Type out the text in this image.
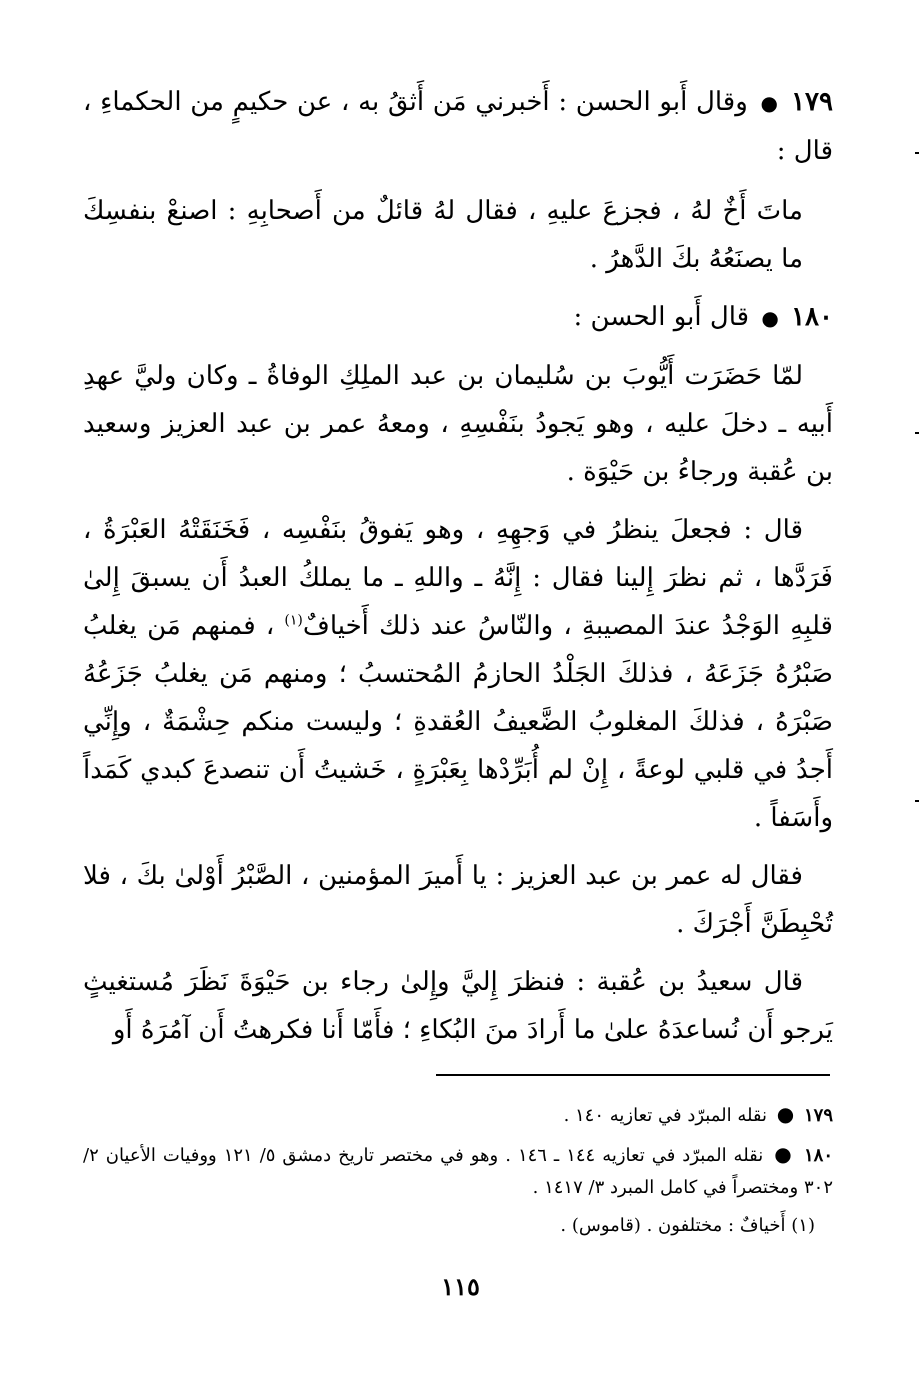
١٧٩ ● وقال أَبو الحسن : أَخبرني مَن أَثقُ به ، عن حكيمٍ من الحكماءِ ، قال :

ماتَ أَخٌ لهُ ، فجزعَ عليهِ ، فقال لهُ قائلٌ من أَصحابِهِ : اصنعْ بنفسِكَ ما يصنَعُهُ بكَ الدَّهرُ .

١٨٠ ● قال أَبو الحسن :

لمّا حَضَرَت أَيُّوبَ بن سُليمان بن عبد الملِكِ الوفاةُ ـ وكان وليَّ عهدِ أَبيه ـ دخلَ عليه ، وهو يَجودُ بنَفْسِهِ ، ومعهُ عمر بن عبد العزيز وسعيد بن عُقبة ورجاءُ بن حَيْوَة .

قال : فجعلَ ينظرُ في وَجهِهِ ، وهو يَفوقُ بنَفْسِه ، فَخَنَقَتْهُ العَبْرَةُ ، فَرَدَّها ، ثم نظرَ إِلينا فقال : إِنَّهُ ـ واللهِ ـ ما يملكُ العبدُ أَن يسبقَ إِلىٰ قلبِهِ الوَجْدُ عندَ المصيبةِ ، والنّاسُ عند ذلك أَخيافٌ$^{(١)}$ ، فمنهم مَن يغلبُ صَبْرُهُ جَزَعَهُ ، فذلكَ الجَلْدُ الحازمُ المُحتسبُ ؛ ومنهم مَن يغلبُ جَزَعُهُ صَبْرَهُ ، فذلكَ المغلوبُ الضَّعيفُ العُقدةِ ؛ وليست منكم حِشْمَةٌ ، وإِنِّي أَجدُ في قلبي لوعةً ، إِنْ لم أُبَرِّدْها بِعَبْرَةٍ ، خَشيتُ أَن تنصدعَ كبدي كَمَداً وأَسَفاً .

فقال له عمر بن عبد العزيز : يا أَميرَ المؤمنين ، الصَّبْرُ أَوْلىٰ بكَ ، فلا تُحْبِطَنَّ أَجْرَكَ .

قال سعيدُ بن عُقبة : فنظرَ إِليَّ وإِلىٰ رجاء بن حَيْوَةَ نَظَرَ مُستغيثٍ يَرجو أَن نُساعدَهُ علىٰ ما أَرادَ منَ البُكاءِ ؛ فأَمّا أَنا فكرهتُ أَن آمُرَهُ أَو

١٧٩ ● نقله المبرّد في تعازيه ١٤٠ .

١٨٠ ● نقله المبرّد في تعازيه ١٤٤ ـ ١٤٦ . وهو في مختصر تاريخ دمشق ٥/ ١٢١ ووفيات الأعيان ٢/ ٣٠٢ ومختصراً في كامل المبرد ٣/ ١٤١٧ .

(١) أَخيافٌ : مختلفون . (قاموس) .

١١٥
